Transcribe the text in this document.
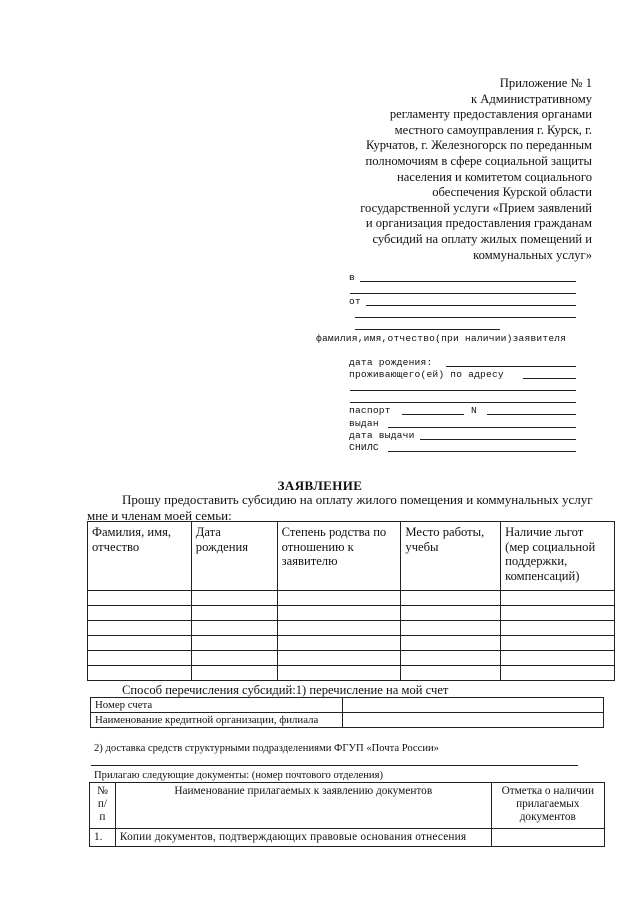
Приложение № 1
к Административному
регламенту предоставления органами
местного самоуправления г. Курск, г.
Курчатов, г. Железногорск по переданным
полномочиям в сфере социальной защиты
населения и комитетом социального
обеспечения Курской области
государственной услуги «Прием заявлений
и организация предоставления гражданам
субсидий на оплату жилых помещений и
коммунальных услуг»
в
от
фамилия,имя,отчество(при наличии)заявителя
дата рождения:
проживающего(ей) по адресу
паспорт	N
выдан
дата выдачи
СНИЛС
ЗАЯВЛЕНИЕ
Прошу предоставить субсидию на оплату жилого помещения и коммунальных услуг
мне и членам моей семьи:
Фамилия, имя, отчество	Дата рождения	Степень родства по отношению к заявителю	Место работы, учебы	Наличие льгот (мер социальной поддержки, компенсаций)

Способ перечисления субсидий:1) перечисление на мой счет
Номер счета	
Наименование кредитной организации, филиала	
2) доставка средств структурными подразделениями ФГУП «Почта России»
Прилагаю следующие документы: (номер почтового отделения)
№ п/ п	Наименование прилагаемых к заявлению документов	Отметка о наличии прилагаемых документов
1.	Копии документов, подтверждающих правовые основания отнесения	
